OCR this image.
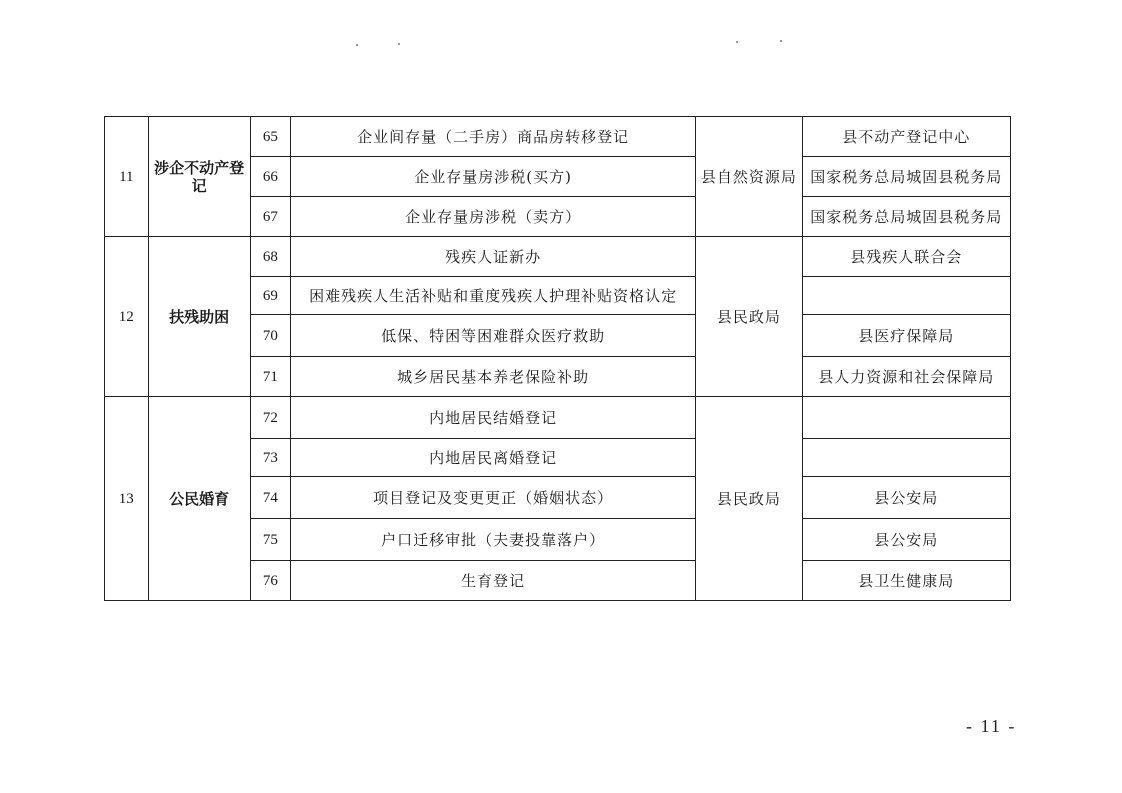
11	涉企不动产登记	65	企业间存量（二手房）商品房转移登记	县自然资源局	县不动产登记中心
		66	企业存量房涉税(买方)		国家税务总局城固县税务局
		67	企业存量房涉税（卖方）		国家税务总局城固县税务局
12	扶残助困	68	残疾人证新办	县民政局	县残疾人联合会
		69	困难残疾人生活补贴和重度残疾人护理补贴资格认定		
		70	低保、特困等困难群众医疗救助		县医疗保障局
		71	城乡居民基本养老保险补助		县人力资源和社会保障局
13	公民婚育	72	内地居民结婚登记	县民政局	
		73	内地居民离婚登记		
		74	项目登记及变更更正（婚姻状态）		县公安局
		75	户口迁移审批（夫妻投靠落户）		县公安局
		76	生育登记		县卫生健康局
- 11 -
